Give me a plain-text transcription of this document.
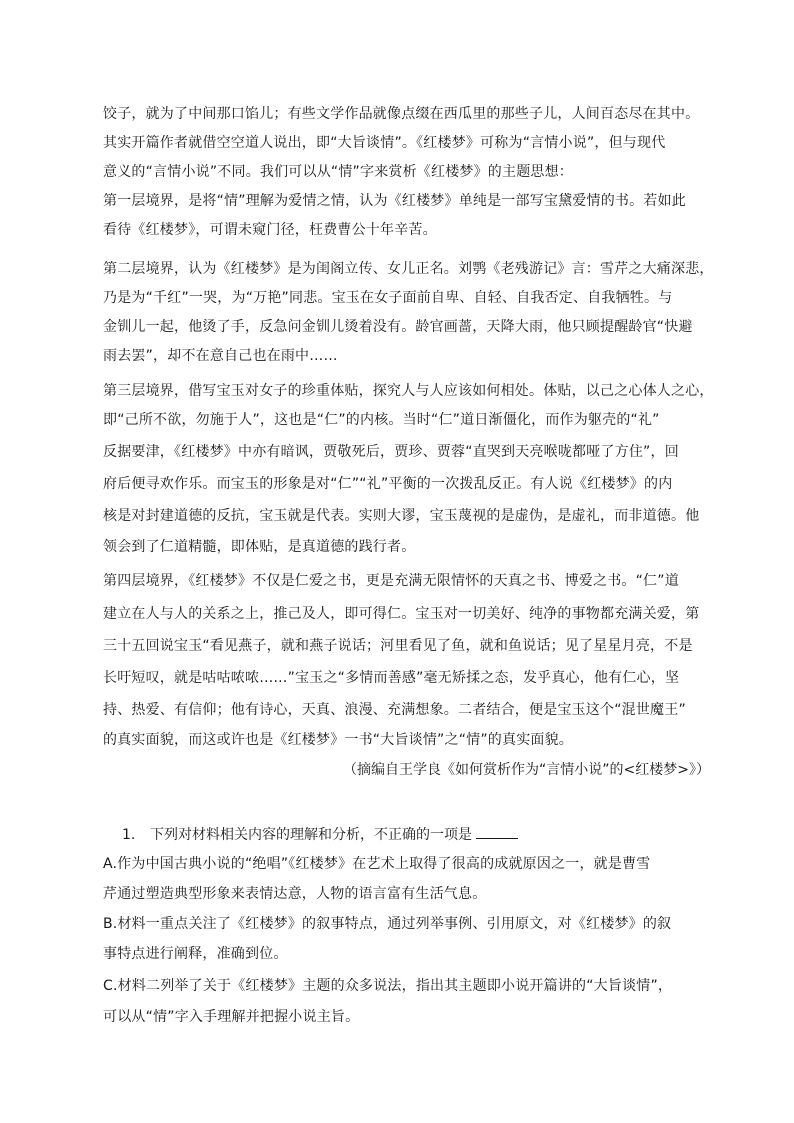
饺子，就为了中间那口馅儿；有些文学作品就像点缀在西瓜里的那些子儿，人间百态尽在其中。
其实开篇作者就借空空道人说出，即“大旨谈情”。《红楼梦》可称为“言情小说”，但与现代
意义的“言情小说”不同。我们可以从“情”字来赏析《红楼梦》的主题思想：
第一层境界，是将“情”理解为爱情之情，认为《红楼梦》单纯是一部写宝黛爱情的书。若如此
看待《红楼梦》，可谓未窥门径，枉费曹公十年辛苦。
第二层境界，认为《红楼梦》是为闺阁立传、女儿正名。刘鹗《老残游记》言：雪芹之大痛深悲，
乃是为“千红”一哭，为“万艳”同悲。宝玉在女子面前自卑、自轻、自我否定、自我牺牲。与
金钏儿一起，他烫了手，反急问金钏儿烫着没有。龄官画蔷，天降大雨，他只顾提醒龄官“快避
雨去罢”，却不在意自己也在雨中……
第三层境界，借写宝玉对女子的珍重体贴，探究人与人应该如何相处。体贴，以己之心体人之心，
即“己所不欲，勿施于人”，这也是“仁”的内核。当时“仁”道日渐僵化，而作为躯壳的“礼”
反据要津，《红楼梦》中亦有暗讽，贾敬死后，贾珍、贾蓉“直哭到天亮喉咙都哑了方住”，回
府后便寻欢作乐。而宝玉的形象是对“仁”“礼”平衡的一次拨乱反正。有人说《红楼梦》的内
核是对封建道德的反抗，宝玉就是代表。实则大谬，宝玉蔑视的是虚伪，是虚礼，而非道德。他
领会到了仁道精髓，即体贴，是真道德的践行者。
第四层境界，《红楼梦》不仅是仁爱之书，更是充满无限情怀的天真之书、博爱之书。“仁”道
建立在人与人的关系之上，推己及人，即可得仁。宝玉对一切美好、纯净的事物都充满关爱，第
三十五回说宝玉“看见燕子，就和燕子说话；河里看见了鱼，就和鱼说话；见了星星月亮，不是
长吁短叹，就是咕咕哝哝……”宝玉之“多情而善感”毫无矫揉之态，发乎真心，他有仁心，坚
持、热爱、有信仰；他有诗心，天真、浪漫、充满想象。二者结合，便是宝玉这个“混世魔王”
的真实面貌，而这或许也是《红楼梦》一书“大旨谈情”之“情”的真实面貌。
（摘编自王学良《如何赏析作为“言情小说”的<红楼梦>》）
1. 下列对材料相关内容的理解和分析，不正确的一项是
A.作为中国古典小说的“绝唱”《红楼梦》在艺术上取得了很高的成就原因之一，就是曹雪
芹通过塑造典型形象来表情达意，人物的语言富有生活气息。
B.材料一重点关注了《红楼梦》的叙事特点，通过列举事例、引用原文，对《红楼梦》的叙
事特点进行阐释，准确到位。
C.材料二列举了关于《红楼梦》主题的众多说法，指出其主题即小说开篇讲的“大旨谈情”，
可以从“情”字入手理解并把握小说主旨。
